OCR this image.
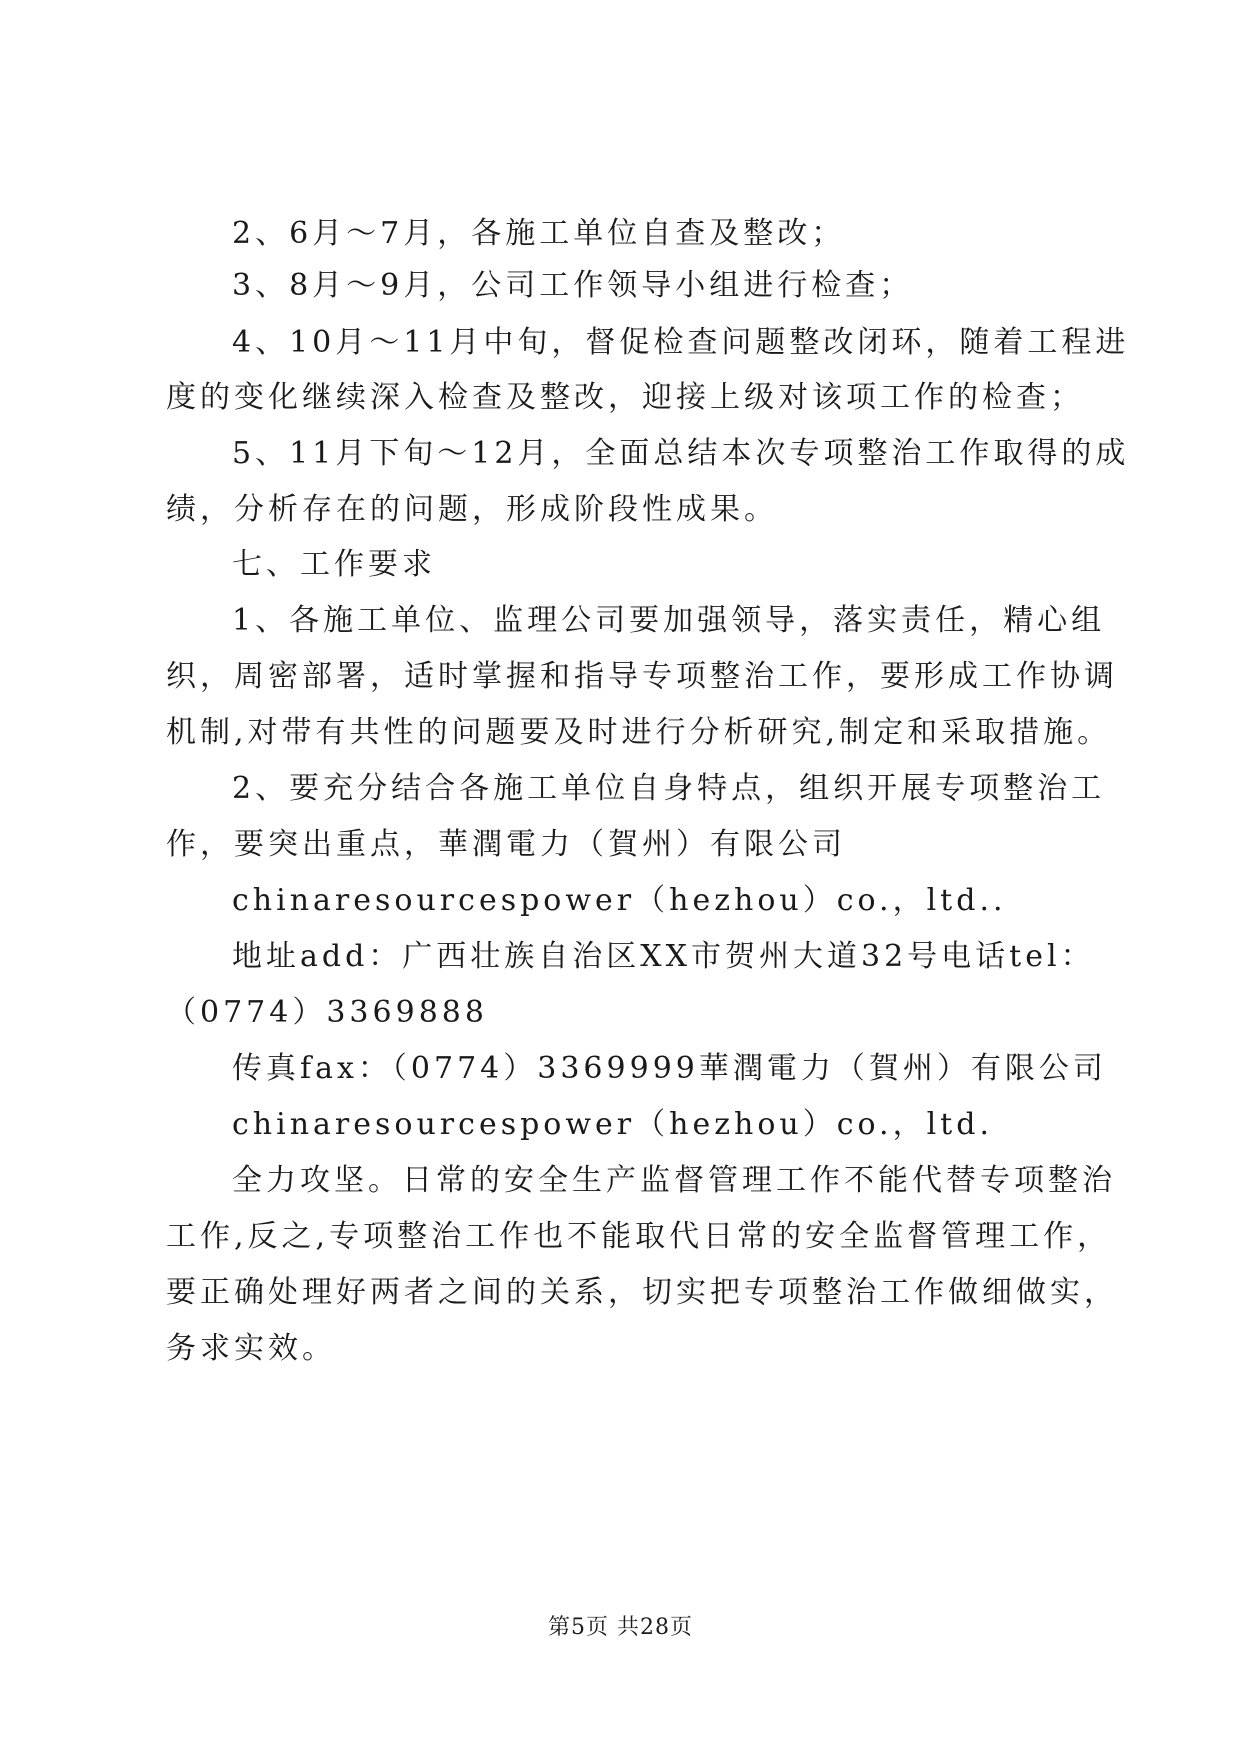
2、6月～7月，各施工单位自查及整改；
3、8月～9月，公司工作领导小组进行检查；
4、10月～11月中旬，督促检查问题整改闭环，随着工程进
度的变化继续深入检查及整改，迎接上级对该项工作的检查；
5、11月下旬～12月，全面总结本次专项整治工作取得的成
绩，分析存在的问题，形成阶段性成果。
七、工作要求
1、各施工单位、监理公司要加强领导，落实责任，精心组
织，周密部署，适时掌握和指导专项整治工作，要形成工作协调
机制,对带有共性的问题要及时进行分析研究,制定和采取措施。
2、要充分结合各施工单位自身特点，组织开展专项整治工
作，要突出重点，華潤電力（賀州）有限公司
chinaresourcespower（hezhou）co.，ltd..
地址add：广西壮族自治区XX市贺州大道32号电话tel：
（0774）3369888
传真fax：（0774）3369999華潤電力（賀州）有限公司
chinaresourcespower（hezhou）co.，ltd.
全力攻坚。日常的安全生产监督管理工作不能代替专项整治
工作,反之,专项整治工作也不能取代日常的安全监督管理工作，
要正确处理好两者之间的关系，切实把专项整治工作做细做实，
务求实效。
第5页 共28页
